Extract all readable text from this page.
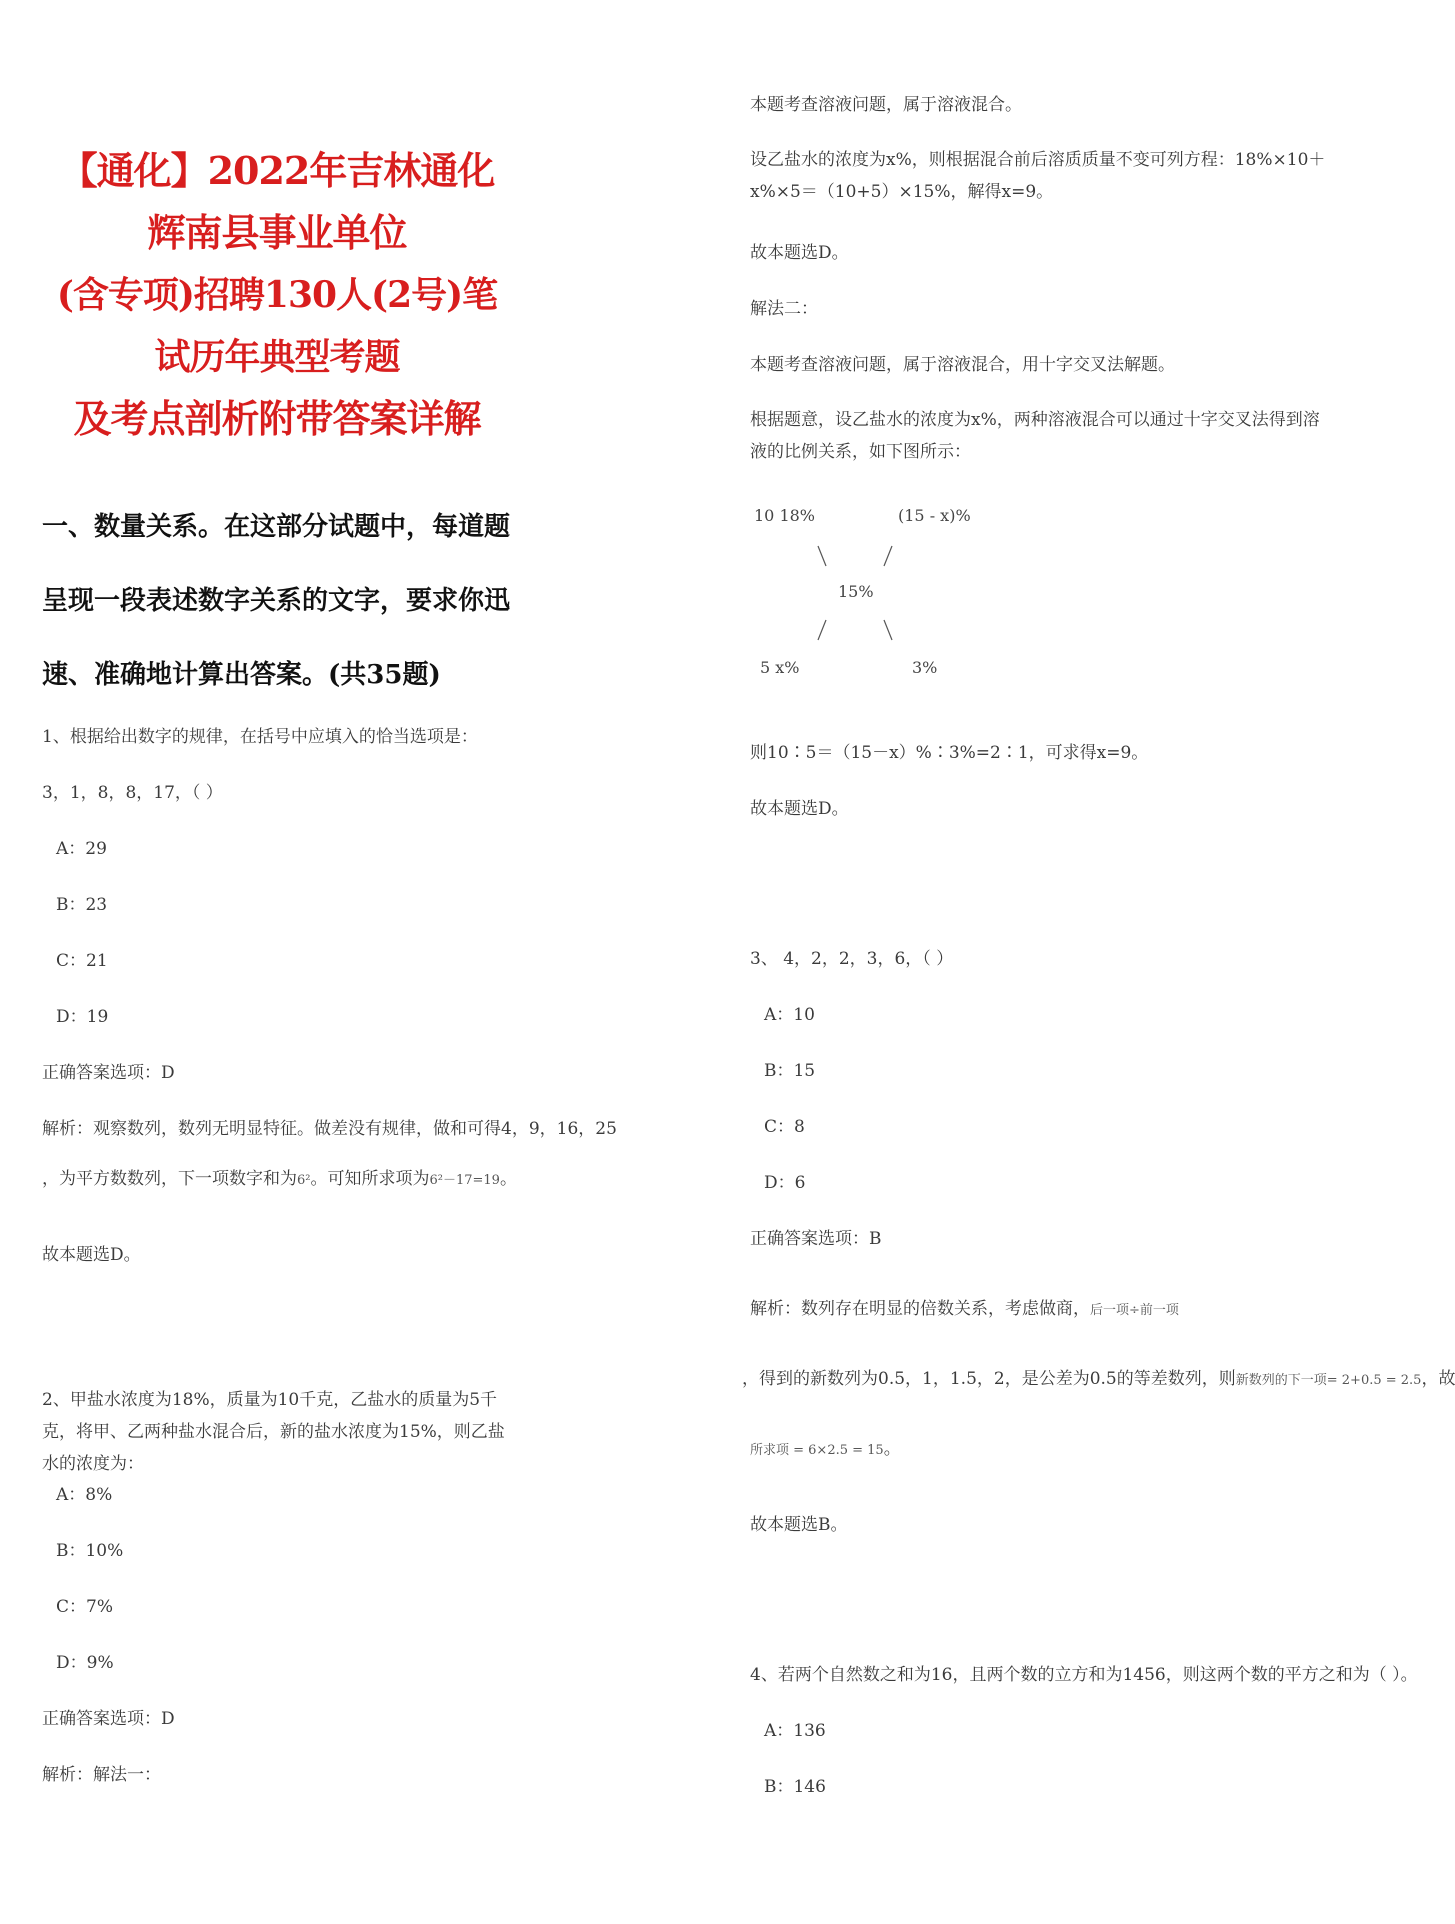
【通化】2022年吉林通化辉南县事业单位
(含专项)招聘130人(2号)笔试历年典型考题
及考点剖析附带答案详解
一、数量关系。在这部分试题中，每道题呈现一段表述数字关系的文字，要求你迅速、准确地计算出答案。(共35题)
1、根据给出数字的规律，在括号中应填入的恰当选项是：
3，1，8，8，17，（ ）
A：29
B：23
C：21
D：19
正确答案选项：D
解析：观察数列，数列无明显特征。做差没有规律，做和可得4，9，16，25
，为平方数数列，下一项数字和为6²。可知所求项为6²－17=19。
故本题选D。
2、甲盐水浓度为18%，质量为10千克，乙盐水的质量为5千克，将甲、乙两种盐水混合后，新的盐水浓度为15%，则乙盐水的浓度为：
A：8%
B：10%
C：7%
D：9%
正确答案选项：D
解析：解法一：
本题考查溶液问题，属于溶液混合。
设乙盐水的浓度为x%，则根据混合前后溶质质量不变可列方程：18%×10＋x%×5＝（10+5）×15%，解得x=9。
故本题选D。
解法二：
本题考查溶液问题，属于溶液混合，用十字交叉法解题。
根据题意，设乙盐水的浓度为x%，两种溶液混合可以通过十字交叉法得到溶液的比例关系，如下图所示：
10 18%	(15 - x)%
15%
5 x%	3%
则10∶5＝（15－x）%∶3%=2∶1，可求得x=9。
故本题选D。
3、 4，2，2，3，6，（ ）
A：10
B：15
C：8
D：6
正确答案选项：B
解析：数列存在明显的倍数关系，考虑做商，后一项÷前一项
，得到的新数列为0.5，1，1.5，2，是公差为0.5的等差数列，则新数列的下一项= 2+0.5 = 2.5，故
所求项 = 6×2.5 = 15。
故本题选B。
4、若两个自然数之和为16，且两个数的立方和为1456，则这两个数的平方之和为（ ）。
A：136
B：146
